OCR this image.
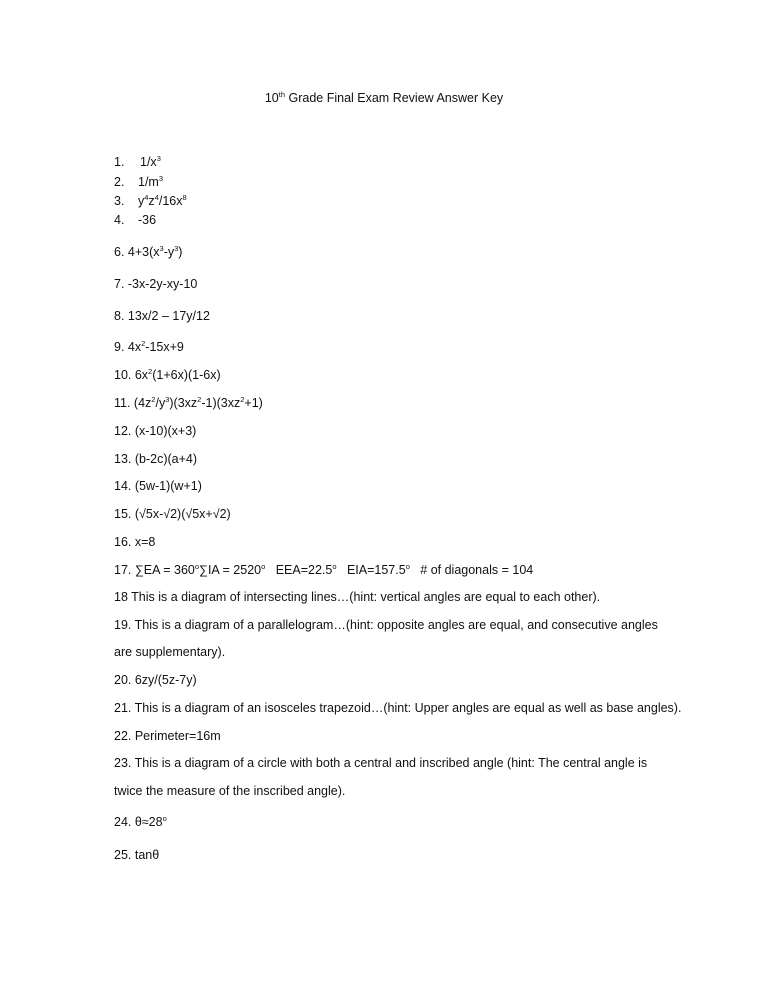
10th Grade Final Exam Review Answer Key
1. $1/x^3$
2. $1/m^3$
3. $y^4z^4/16x^8$
4. -36
6. $4+3(x^3-y^3)$
7. -3x-2y-xy-10
8. 13x/2 – 17y/12
9. $4x^2-15x+9$
10. $6x^2(1+6x)(1-6x)$
11. $(4z^2/y^3)(3xz^2-1)(3xz^2+1)$
12. (x-10)(x+3)
13. (b-2c)(a+4)
14. (5w-1)(w+1)
15. (√5x-√2)(√5x+√2)
16. x=8
17. $\sum EA = 360^o\sum IA = 2520^o$   $EEA=22.5^o$   $EIA=157.5^o$   # of diagonals = 104
18 This is a diagram of intersecting lines…(hint: vertical angles are equal to each other).
19. This is a diagram of a parallelogram…(hint: opposite angles are equal, and consecutive angles
are supplementary).
20. 6zy/(5z-7y)
21. This is a diagram of an isosceles trapezoid…(hint: Upper angles are equal as well as base angles).
22. Perimeter=16m
23. This is a diagram of a circle with both a central and inscribed angle (hint: The central angle is
twice the measure of the inscribed angle).
24. $\theta\approx 28^o$
25. tanθ
